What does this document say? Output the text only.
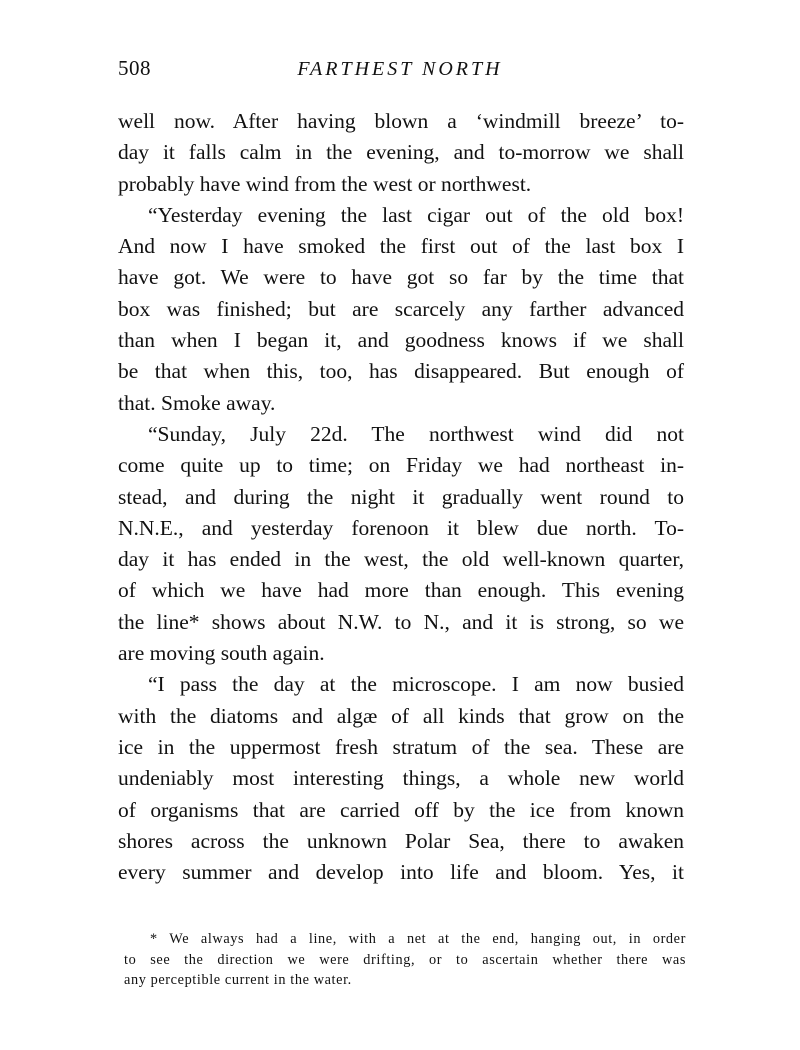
508	FARTHEST NORTH
well now. After having blown a ‘windmill breeze’ to-
day it falls calm in the evening, and to-morrow we shall
probably have wind from the west or northwest.
“Yesterday evening the last cigar out of the old box!
And now I have smoked the first out of the last box I
have got. We were to have got so far by the time that
box was finished; but are scarcely any farther advanced
than when I began it, and goodness knows if we shall
be that when this, too, has disappeared. But enough of
that. Smoke away.
“Sunday, July 22d. The northwest wind did not
come quite up to time; on Friday we had northeast in-
stead, and during the night it gradually went round to
N.N.E., and yesterday forenoon it blew due north. To-
day it has ended in the west, the old well-known quarter,
of which we have had more than enough. This evening
the line* shows about N.W. to N., and it is strong, so we
are moving south again.
“I pass the day at the microscope. I am now busied
with the diatoms and algæ of all kinds that grow on the
ice in the uppermost fresh stratum of the sea. These are
undeniably most interesting things, a whole new world
of organisms that are carried off by the ice from known
shores across the unknown Polar Sea, there to awaken
every summer and develop into life and bloom. Yes, it
* We always had a line, with a net at the end, hanging out, in order
to see the direction we were drifting, or to ascertain whether there was
any perceptible current in the water.
